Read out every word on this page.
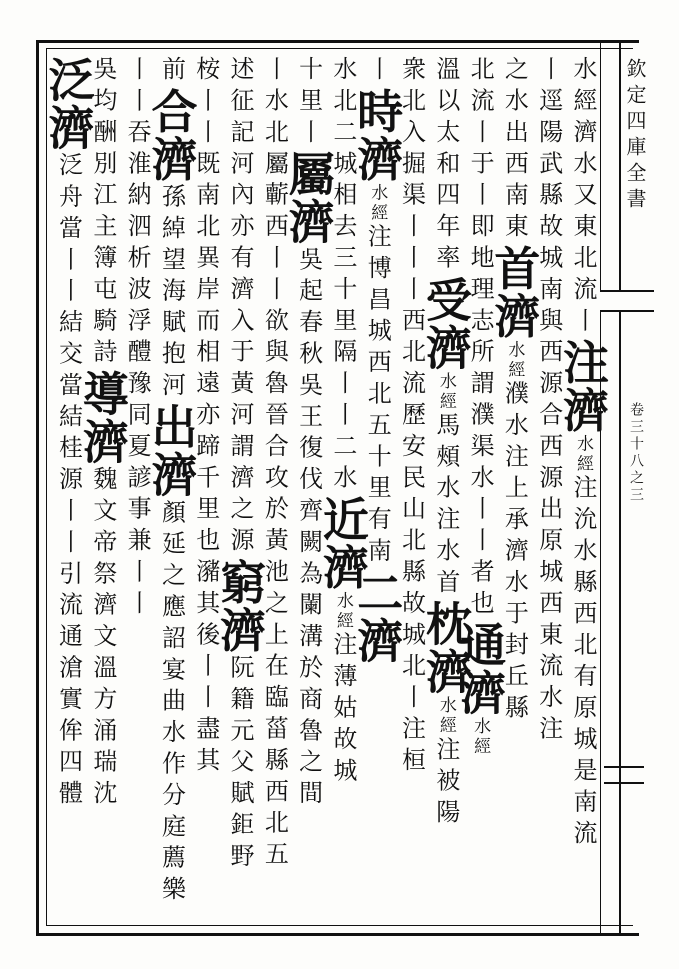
欽定四庫全書
卷三十八之三
水經濟水又東北流丨注濟水經注沇水縣西北有原城是南流
丨逕陽武縣故城南與西源合西源出原城西東流水注
之水出西南東首濟水經濮水注上承濟水于封丘縣
北流丨于丨即地理志所謂濮渠水丨丨者也通濟水經
溫以太和四年率受濟水經馬頰水注水首枕濟水經注被陽
衆北入掘渠丨丨丨西北流歷安民山北縣故城北丨注桓
丨時濟水經注博昌城西北五十里有南二濟
水北二城相去三十里隔丨丨二水近濟水經注薄姑故城
十里丨屬濟吳起春秋吳王復伐齊闕為闌溝於商魯之間
丨水北屬蘄西丨丨欲與魯晉合攻於黃池之上在臨菑縣西北五
述征記河內亦有濟入于黃河謂濟之源窮濟阮籍元父賦鉅野
桉丨丨既南北異岸而相遠亦蹄千里也瀦其後丨丨盡其
前合濟孫綽望海賦抱河出濟顏延之應詔宴曲水作分庭薦樂
丨丨吞淮納泗析波浮醴豫同夏諺事兼丨丨
吳均酬別江主簿屯騎詩導濟魏文帝祭濟文溫方涌瑞沈
泛濟泛舟當丨丨結交當結桂源丨丨引流通滄實侔四體
